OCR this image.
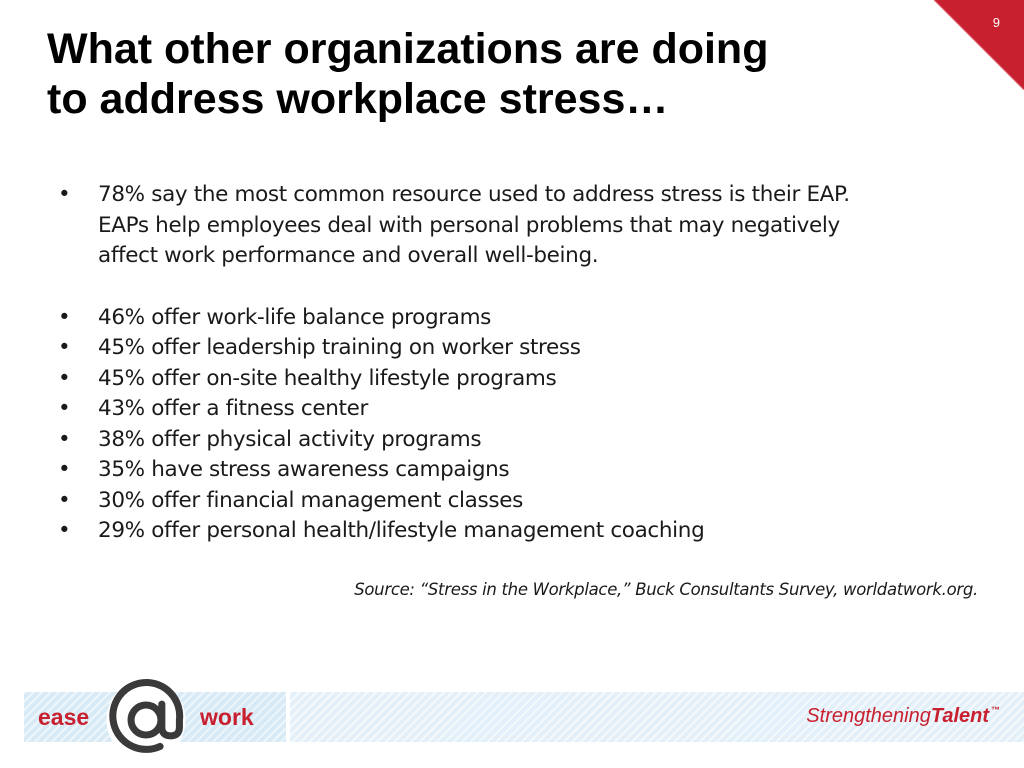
9
What other organizations are doing
to address workplace stress…
• 78% say the most common resource used to address stress is their EAP.
EAPs help employees deal with personal problems that may negatively
affect work performance and overall well-being.
• 46% offer work-life balance programs
• 45% offer leadership training on worker stress
• 45% offer on-site healthy lifestyle programs
• 43% offer a fitness center
• 38% offer physical activity programs
• 35% have stress awareness campaigns
• 30% offer financial management classes
• 29% offer personal health/lifestyle management coaching
Source: “Stress in the Workplace,” Buck Consultants Survey, worldatwork.org.
ease	work	StrengtheningTalent ™
